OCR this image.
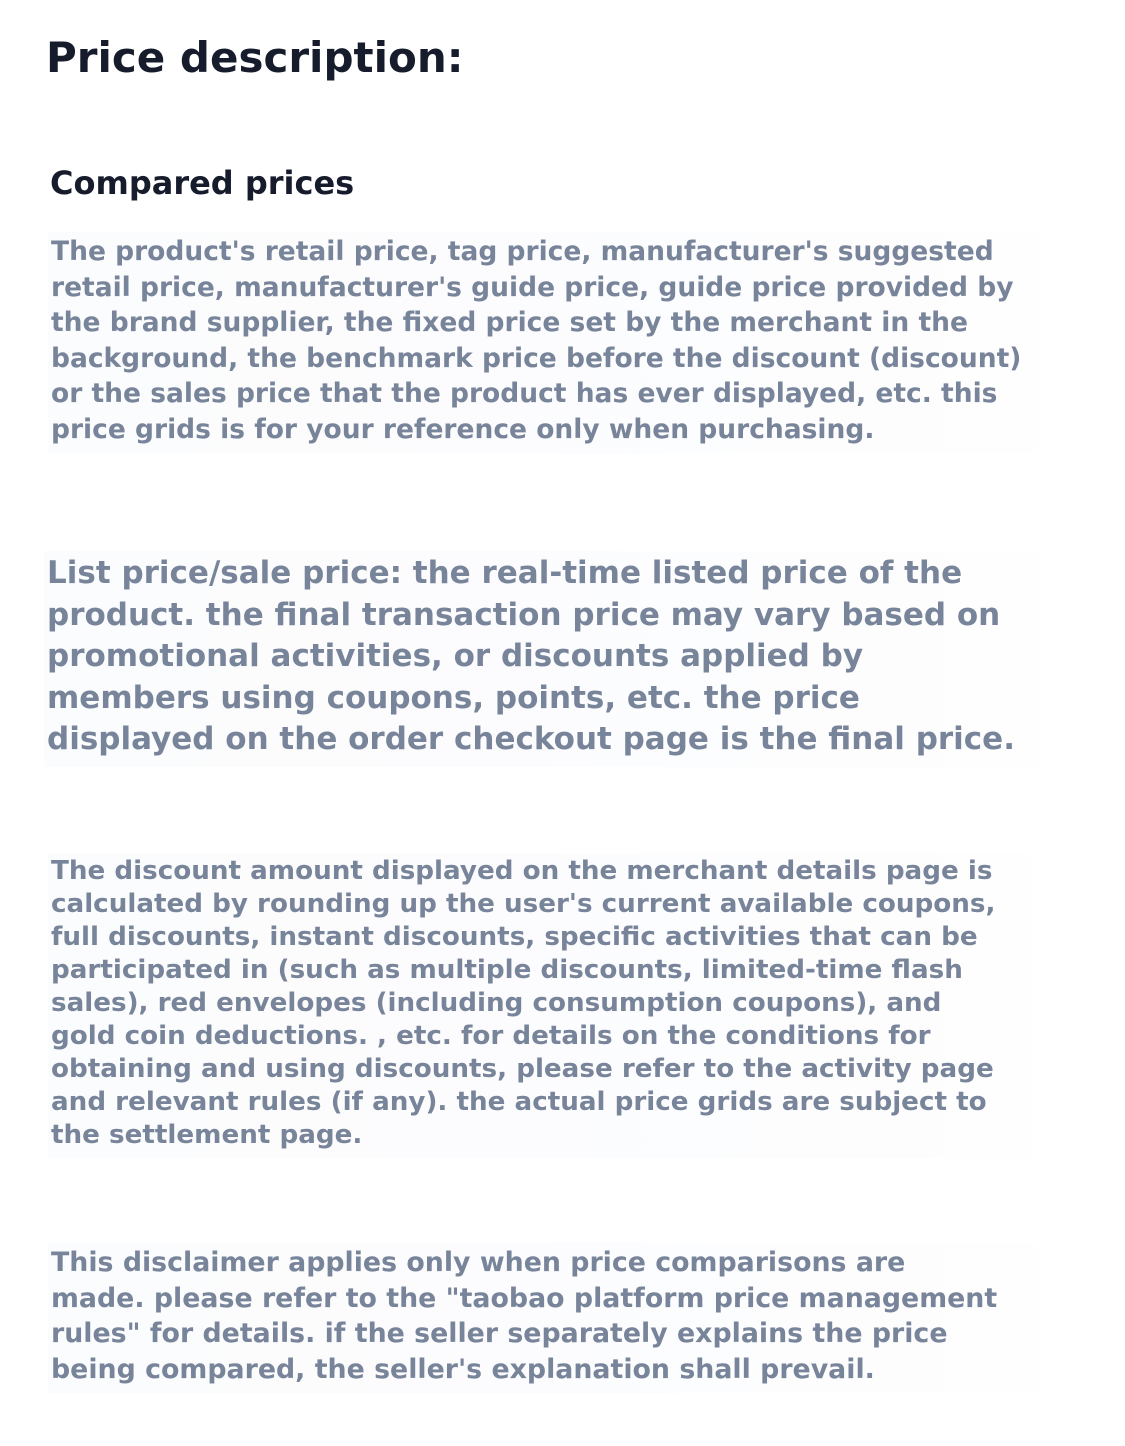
Price description:
Compared prices

The product's retail price, tag price, manufacturer's suggested
retail price, manufacturer's guide price, guide price provided by
the brand supplier, the fixed price set by the merchant in the
background, the benchmark price before the discount (discount)
or the sales price that the product has ever displayed, etc. this
price grids is for your reference only when purchasing.

List price/sale price: the real-time listed price of the
product. the final transaction price may vary based on
promotional activities, or discounts applied by
members using coupons, points, etc. the price
displayed on the order checkout page is the final price.

The discount amount displayed on the merchant details page is
calculated by rounding up the user's current available coupons,
full discounts, instant discounts, specific activities that can be
participated in (such as multiple discounts, limited-time flash
sales), red envelopes (including consumption coupons), and
gold coin deductions. , etc. for details on the conditions for
obtaining and using discounts, please refer to the activity page
and relevant rules (if any). the actual price grids are subject to
the settlement page.

This disclaimer applies only when price comparisons are
made. please refer to the "taobao platform price management
rules" for details. if the seller separately explains the price
being compared, the seller's explanation shall prevail.
